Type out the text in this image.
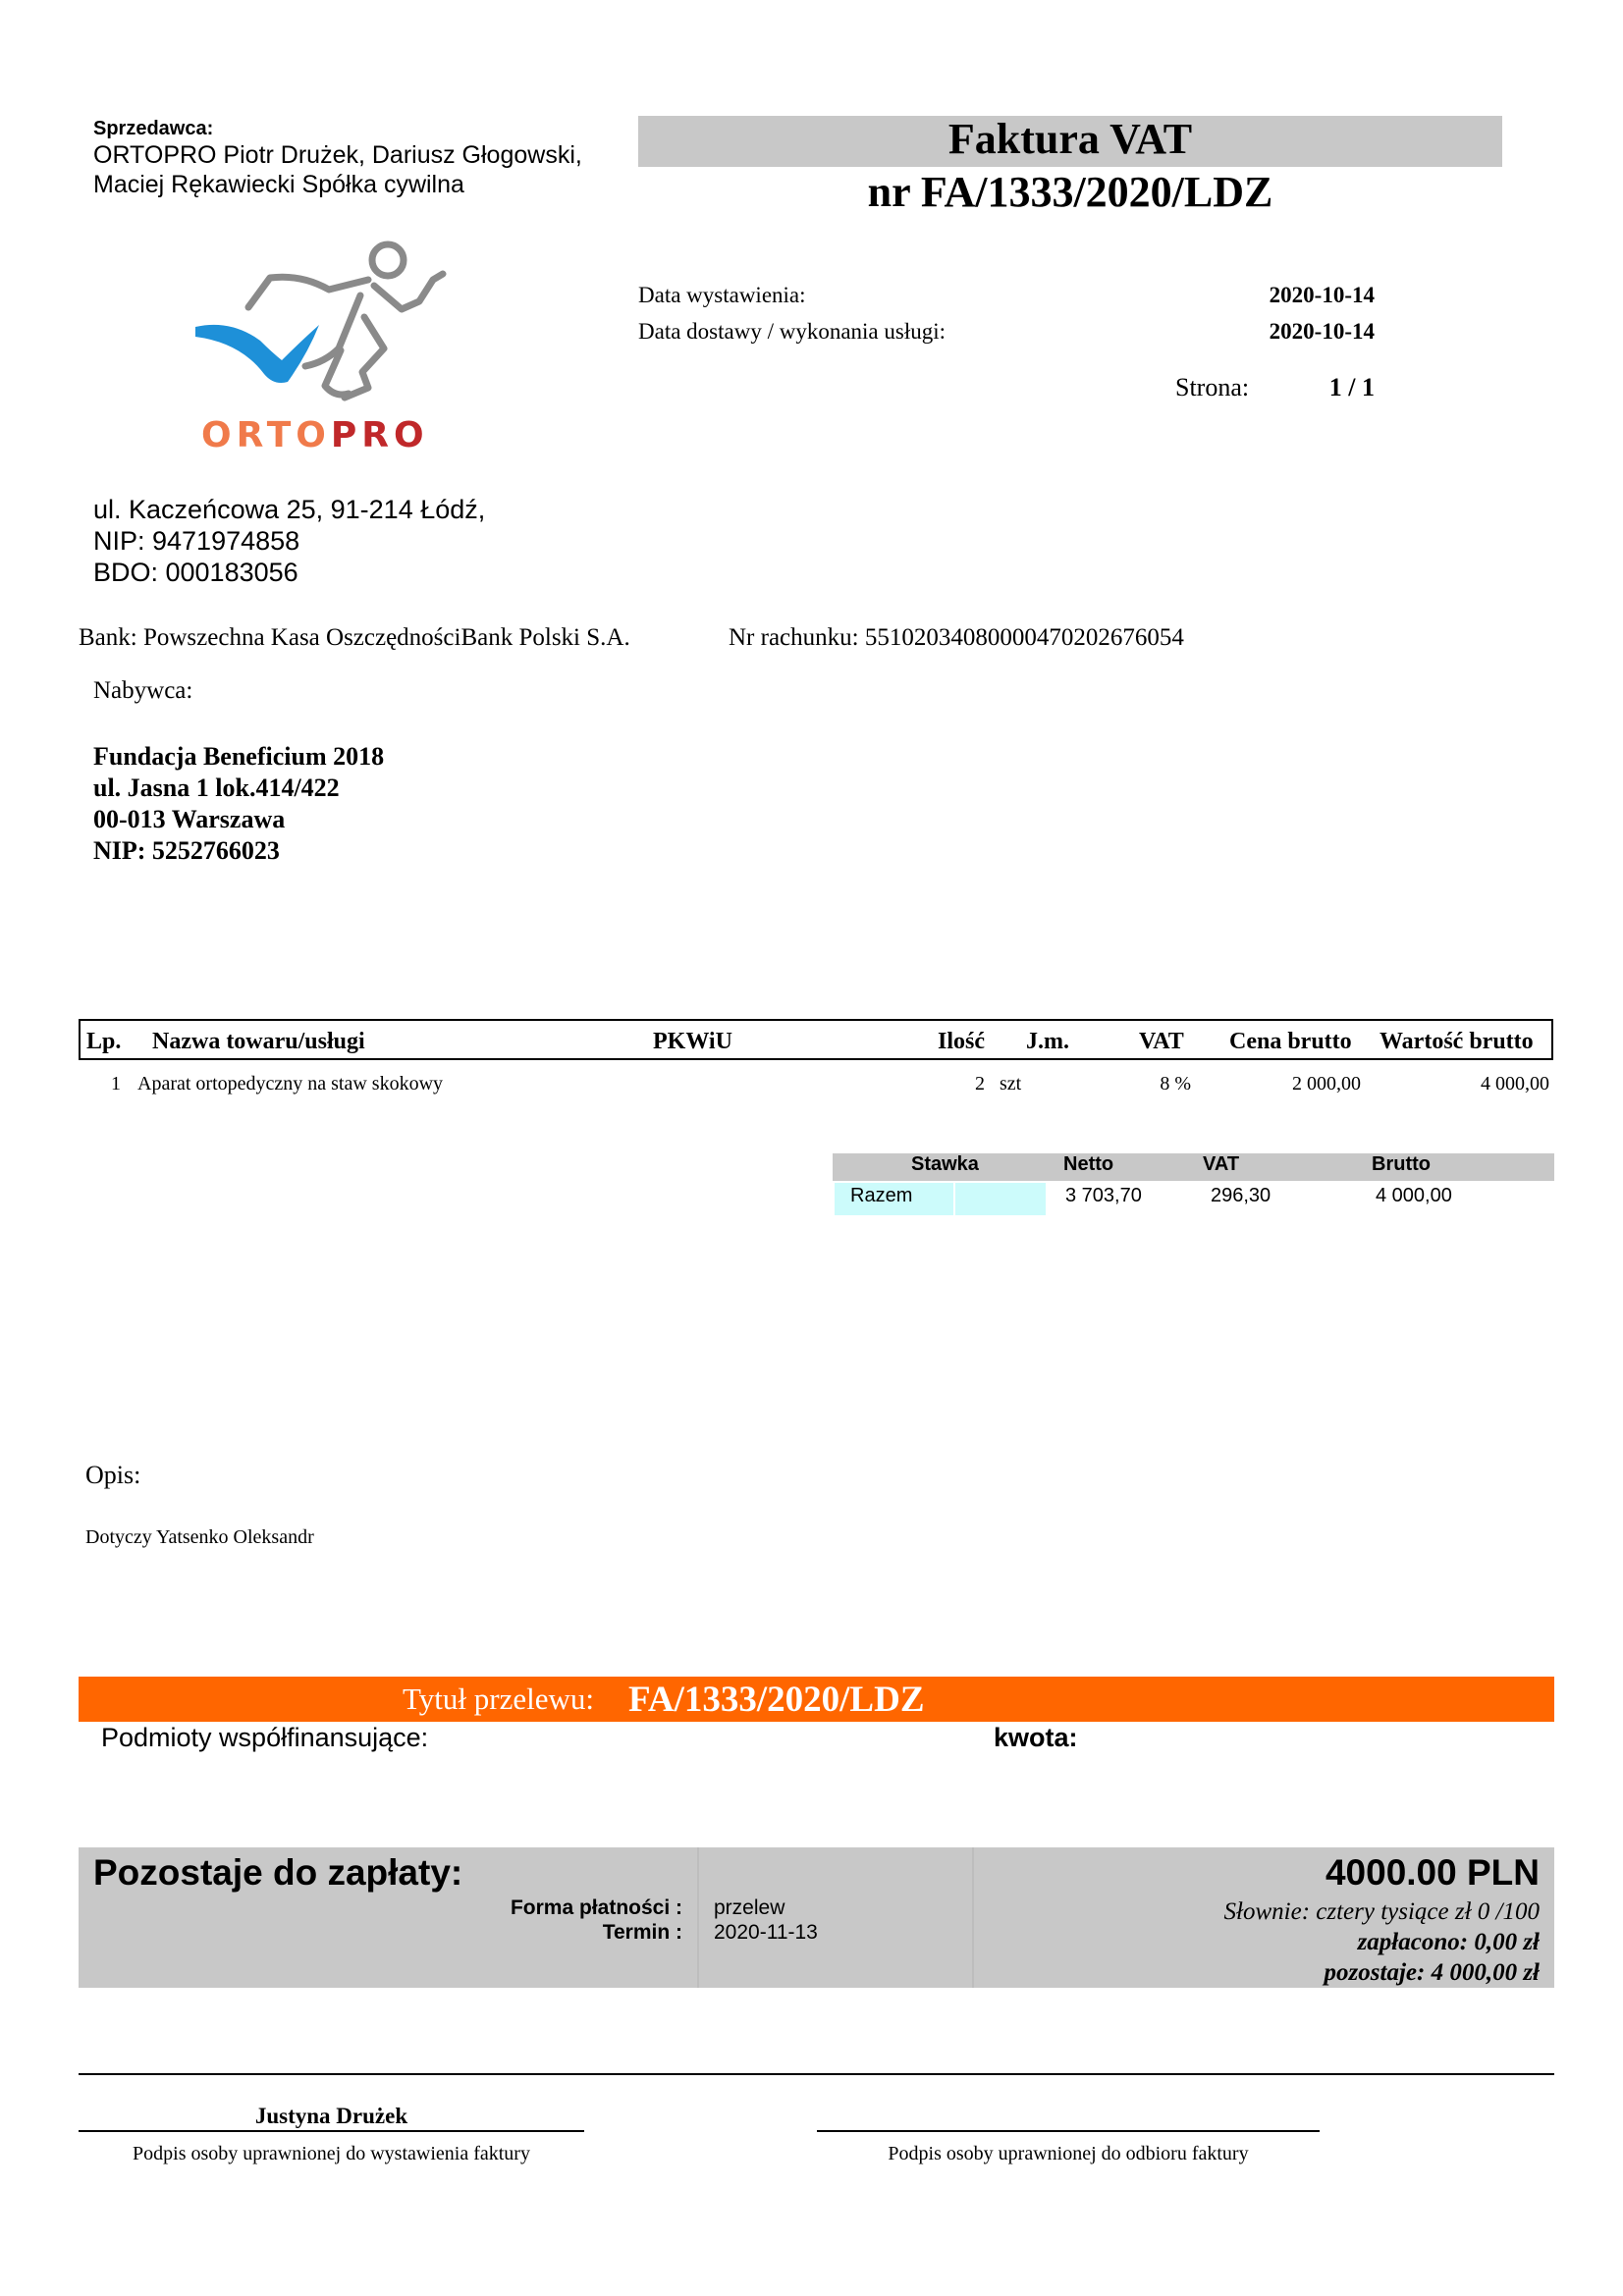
Sprzedawca:
ORTOPRO Piotr Drużek, Dariusz Głogowski,
Maciej Rękawiecki Spółka cywilna
ORTOPRO
ul. Kaczeńcowa 25, 91-214 Łódź,
NIP: 9471974858
BDO: 000183056
Faktura VAT
nr FA/1333/2020/LDZ
Data wystawienia:	2020-10-14
Data dostawy / wykonania usługi:	2020-10-14
Strona:	1 / 1
Bank: Powszechna Kasa OszczędnościBank Polski S.A.	Nr rachunku: 55102034080000470202676054
Nabywca:
Fundacja Beneficium 2018
ul. Jasna 1 lok.414/422
00-013 Warszawa
NIP: 5252766023
Lp. Nazwa towaru/usługi	PKWiU	Ilość J.m.	VAT Cena brutto Wartość brutto
1 Aparat ortopedyczny na staw skokowy	2 szt	8 %	2 000,00	4 000,00
Stawka	Netto	VAT	Brutto
Razem	3 703,70	296,30	4 000,00
Opis:
Dotyczy Yatsenko Oleksandr
Tytuł przelewu: FA/1333/2020/LDZ
Podmioty współfinansujące:	kwota:
Pozostaje do zapłaty:	4000.00 PLN
Forma płatności : przelew
Termin : 2020-11-13
Słownie: cztery tysiące zł 0 /100
zapłacono: 0,00 zł
pozostaje: 4 000,00 zł
Justyna Drużek
Podpis osoby uprawnionej do wystawienia faktury	Podpis osoby uprawnionej do odbioru faktury
